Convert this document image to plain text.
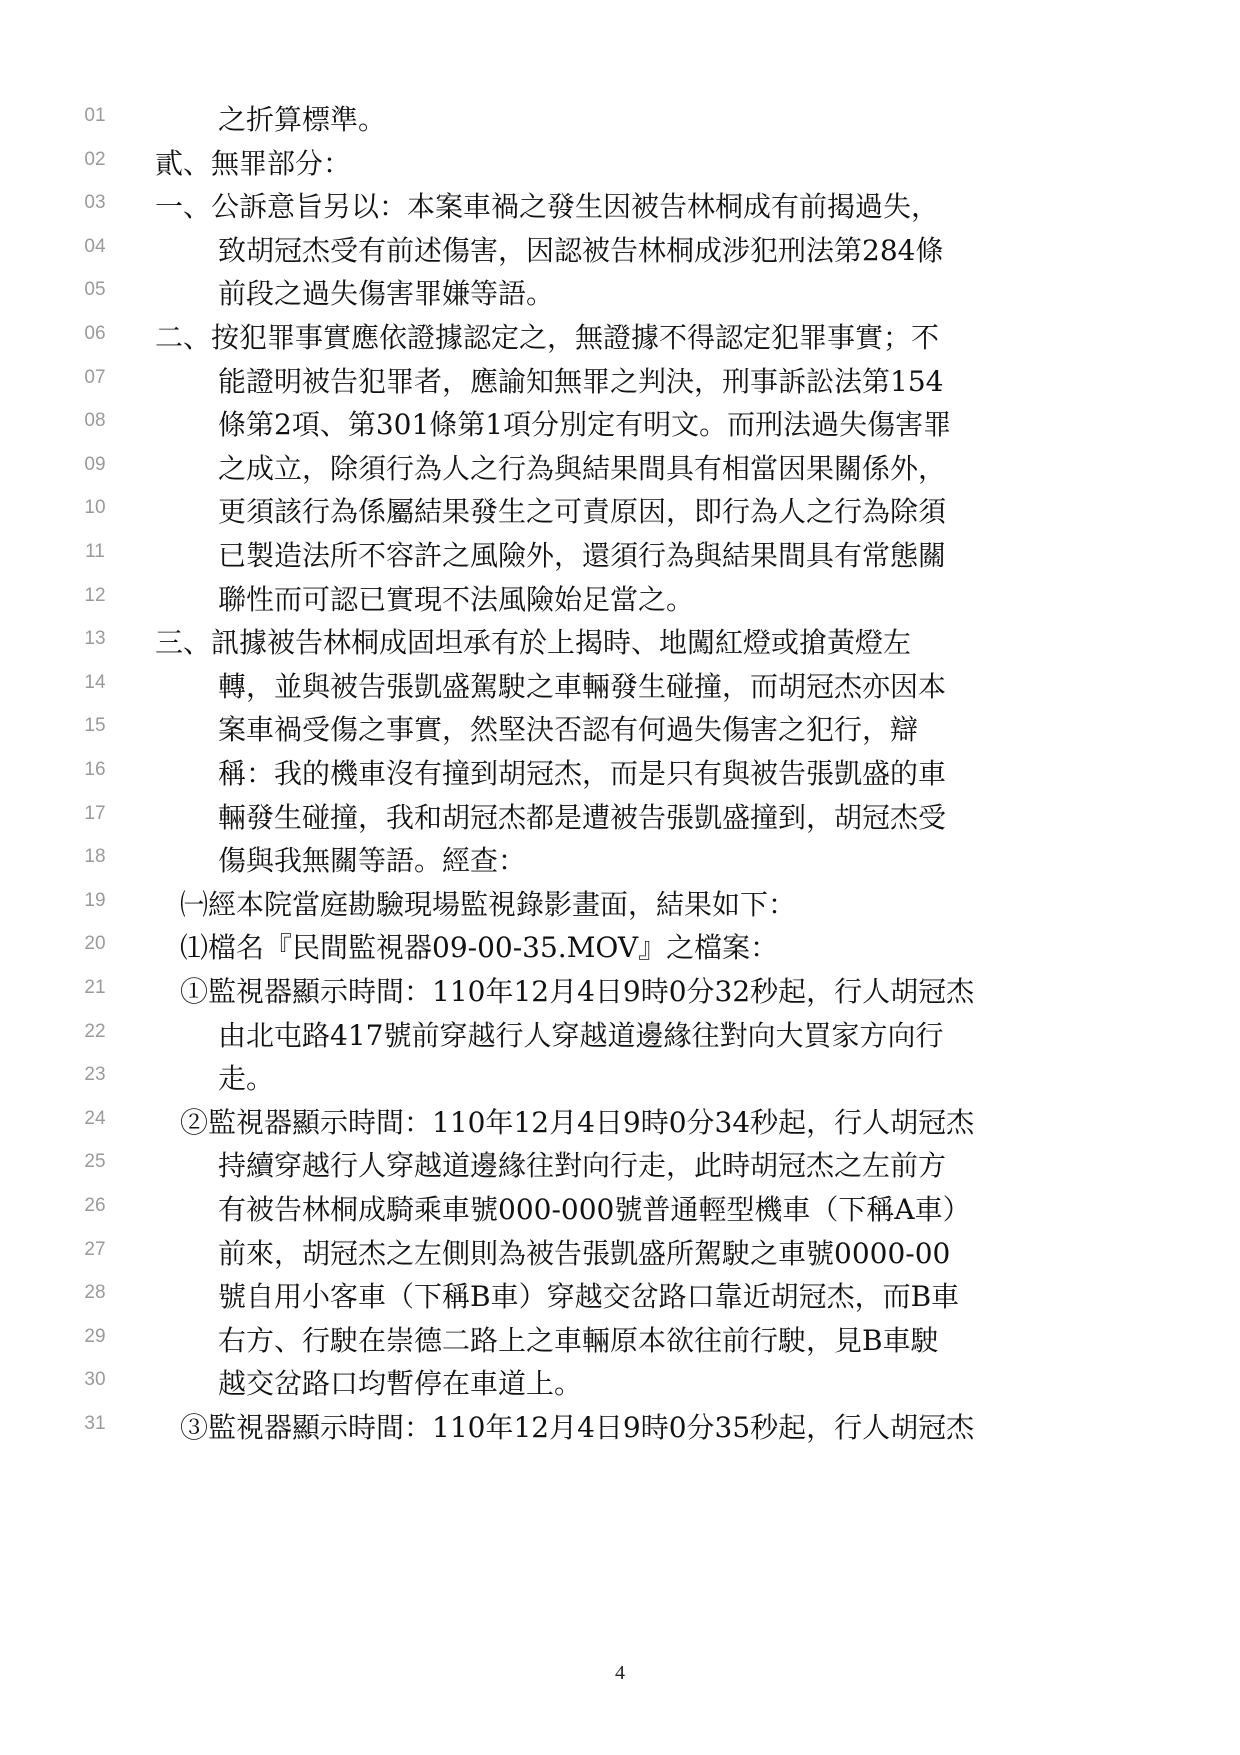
01	之折算標準。
02	貳、無罪部分：
03	一、公訴意旨另以：本案車禍之發生因被告林桐成有前揭過失，
04	致胡冠杰受有前述傷害，因認被告林桐成涉犯刑法第284條
05	前段之過失傷害罪嫌等語。
06	二、按犯罪事實應依證據認定之，無證據不得認定犯罪事實；不
07	能證明被告犯罪者，應諭知無罪之判決，刑事訴訟法第154
08	條第2項、第301條第1項分別定有明文。而刑法過失傷害罪
09	之成立，除須行為人之行為與結果間具有相當因果關係外，
10	更須該行為係屬結果發生之可責原因，即行為人之行為除須
11	已製造法所不容許之風險外，還須行為與結果間具有常態關
12	聯性而可認已實現不法風險始足當之。
13	三、訊據被告林桐成固坦承有於上揭時、地闖紅燈或搶黃燈左
14	轉，並與被告張凱盛駕駛之車輛發生碰撞，而胡冠杰亦因本
15	案車禍受傷之事實，然堅決否認有何過失傷害之犯行，辯
16	稱：我的機車沒有撞到胡冠杰，而是只有與被告張凱盛的車
17	輛發生碰撞，我和胡冠杰都是遭被告張凱盛撞到，胡冠杰受
18	傷與我無關等語。經查：
19	㈠經本院當庭勘驗現場監視錄影畫面，結果如下：
20	⑴檔名『民間監視器09-00-35.MOV』之檔案：
21	①監視器顯示時間：110年12月4日9時0分32秒起，行人胡冠杰
22	由北屯路417號前穿越行人穿越道邊緣往對向大買家方向行
23	走。
24	②監視器顯示時間：110年12月4日9時0分34秒起，行人胡冠杰
25	持續穿越行人穿越道邊緣往對向行走，此時胡冠杰之左前方
26	有被告林桐成騎乘車號000-000號普通輕型機車（下稱A車）
27	前來，胡冠杰之左側則為被告張凱盛所駕駛之車號0000-00
28	號自用小客車（下稱B車）穿越交岔路口靠近胡冠杰，而B車
29	右方、行駛在崇德二路上之車輛原本欲往前行駛，見B車駛
30	越交岔路口均暫停在車道上。
31	③監視器顯示時間：110年12月4日9時0分35秒起，行人胡冠杰
4
